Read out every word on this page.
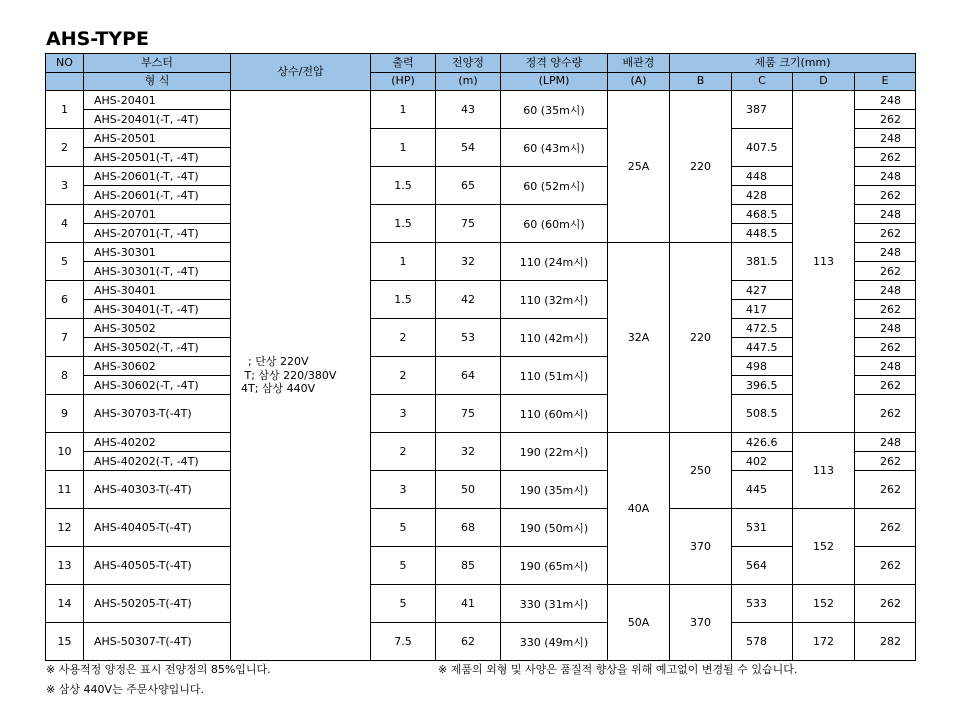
AHS-TYPE
NO	부스터	상수/전압	출력	전양정	정격 양수량	배관경	제품 크기(mm)			
	형 식		(HP)	(m)	(LPM)	(A)	B	C	D	E
1	AHS-20401	; 단상 220V
T; 삼상 220/380V
4T; 삼상 440V	1	43	60 (35m시)	25A	220	387	113	248
	AHS-20401(-T, -4T)									262
2	AHS-20501		1	54	60 (43m시)			407.5		248
	AHS-20501(-T, -4T)									262
3	AHS-20601(-T, -4T)		1.5	65	60 (52m시)			448		248
	AHS-20601(-T, -4T)							428		262
4	AHS-20701		1.5	75	60 (60m시)			468.5		248
	AHS-20701(-T, -4T)							448.5		262
5	AHS-30301		1	32	110 (24m시)	32A	220	381.5		248
	AHS-30301(-T, -4T)									262
6	AHS-30401		1.5	42	110 (32m시)			427		248
	AHS-30401(-T, -4T)							417		262
7	AHS-30502		2	53	110 (42m시)			472.5		248
	AHS-30502(-T, -4T)							447.5		262
8	AHS-30602		2	64	110 (51m시)			498		248
	AHS-30602(-T, -4T)							396.5		262
9	AHS-30703-T(-4T)		3	75	110 (60m시)			508.5		262
10	AHS-40202		2	32	190 (22m시)	40A	250	426.6	113	248
	AHS-40202(-T, -4T)							402		262
11	AHS-40303-T(-4T)		3	50	190 (35m시)			445		262
12	AHS-40405-T(-4T)		5	68	190 (50m시)		370	531	152	262
13	AHS-40505-T(-4T)		5	85	190 (65m시)			564		262
14	AHS-50205-T(-4T)		5	41	330 (31m시)	50A	370	533	152	262
15	AHS-50307-T(-4T)		7.5	62	330 (49m시)			578	172	282
※ 사용적정 양정은 표시 전양정의 85%입니다.	※ 제품의 외형 및 사양은 품질적 향상을 위해 예고없이 변경될 수 있습니다.
※ 삼상 440V는 주문사양입니다.
